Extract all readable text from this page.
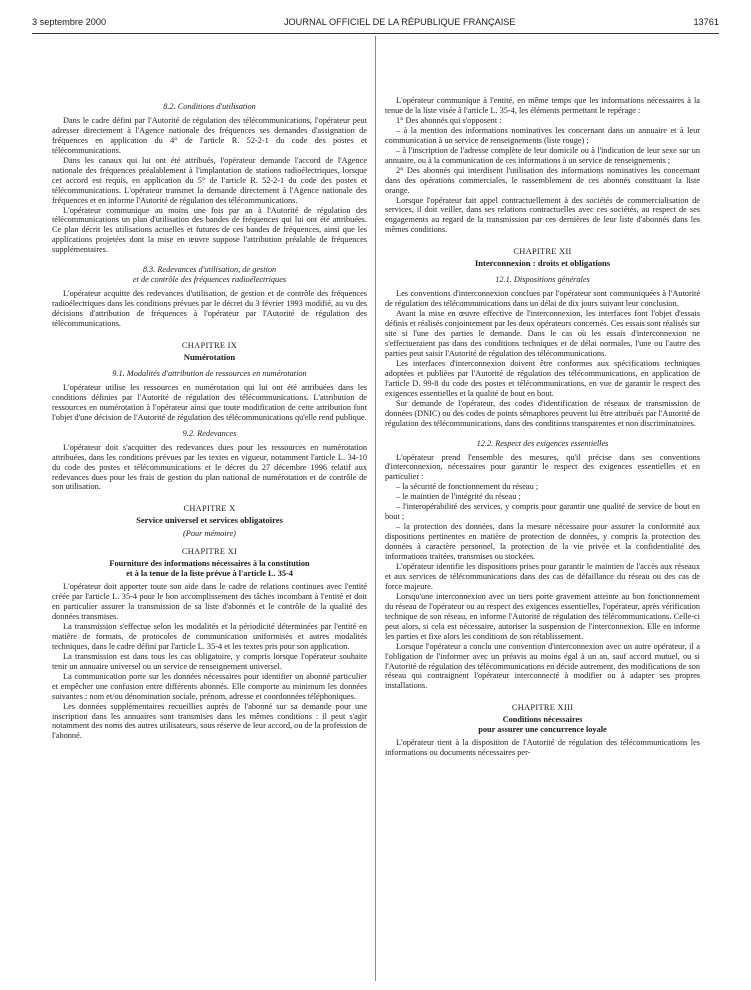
3 septembre 2000	JOURNAL OFFICIEL DE LA RÉPUBLIQUE FRANÇAISE	13761
8.2. Conditions d'utilisation

Dans le cadre défini par l'Autorité de régulation des télécommunications, l'opérateur peut adresser directement à l'Agence nationale des fréquences ses demandes d'assignation de fréquences en application du 4° de l'article R. 52-2-1 du code des postes et télécommunications.

Dans les canaux qui lui ont été attribués, l'opérateur demande l'accord de l'Agence nationale des fréquences préalablement à l'implantation de stations radioélectriques, lorsque cet accord est requis, en application du 5° de l'article R. 52-2-1 du code des postes et télécommunications. L'opérateur transmet la demande directement à l'Agence nationale des fréquences et en informe l'Autorité de régulation des télécommunications.

L'opérateur communique au moins une fois par an à l'Autorité de régulation des télécommunications un plan d'utilisation des bandes de fréquences qui lui ont été attribuées. Ce plan décrit les utilisations actuelles et futures de ces bandes de fréquences, ainsi que les applications projetées dont la mise en œuvre suppose l'attribution préalable de fréquences supplémentaires.

8.3. Redevances d'utilisation, de gestion
et de contrôle des fréquences radioélectriques

L'opérateur acquitte des redevances d'utilisation, de gestion et de contrôle des fréquences radioélectriques dans les conditions prévues par le décret du 3 février 1993 modifié, au vu des décisions d'attribution de fréquences à l'opérateur par l'Autorité de régulation des télécommunications.

CHAPITRE IX
Numérotation
9.1. Modalités d'attribution de ressources en numérotation

L'opérateur utilise les ressources en numérotation qui lui ont été attribuées dans les conditions définies par l'Autorité de régulation des télécommunications. L'attribution de ressources en numérotation à l'opérateur ainsi que toute modification de cette attribution font l'objet d'une décision de l'Autorité de régulation des télécommunications qu'elle rend publique.

9.2. Redevances

L'opérateur doit s'acquitter des redevances dues pour les ressources en numérotation attribuées, dans les conditions prévues par les textes en vigueur, notamment l'article L. 34-10 du code des postes et télécommunications et le décret du 27 décembre 1996 relatif aux redevances dues pour les frais de gestion du plan national de numérotation et de contrôle de son utilisation.

CHAPITRE X
Service universel et services obligatoires
(Pour mémoire)
CHAPITRE XI
Fourniture des informations nécessaires à la constitution
et à la tenue de la liste prévue à l'article L. 35-4

L'opérateur doit apporter toute son aide dans le cadre de relations continues avec l'entité créée par l'article L. 35-4 pour le bon accomplissement des tâches incombant à l'entité et doit en particulier assurer la transmission de sa liste d'abonnés et le contrôle de la qualité des données transmises.

La transmission s'effectue selon les modalités et la périodicité déterminées par l'entité en matière de formats, de protocoles de communication uniformisés et autres modalités techniques, dans le cadre défini par l'article L. 35-4 et les textes pris pour son application.

La transmission est dans tous les cas obligatoire, y compris lorsque l'opérateur souhaite tenir un annuaire universel ou un service de renseignement universel.

La communication porte sur les données nécessaires pour identifier un abonné particulier et empêcher une confusion entre différents abonnés. Elle comporte au minimum les données suivantes : nom et/ou dénomination sociale, prénom, adresse et coordonnées téléphoniques.

Les données supplémentaires recueillies auprès de l'abonné sur sa demande pour une inscription dans les annuaires sont transmises dans les mêmes conditions : il peut s'agir notamment des noms des autres utilisateurs, sous réserve de leur accord, ou de la profession de l'abonné.

L'opérateur communique à l'entité, en même temps que les informations nécessaires à la tenue de la liste visée à l'article L. 35-4, les éléments permettant le repérage :

1° Des abonnés qui s'opposent :

– à la mention des informations nominatives les concernant dans un annuaire et à leur communication à un service de renseignements (liste rouge) ;

– à l'inscription de l'adresse complète de leur domicile ou à l'indication de leur sexe sur un annuaire, ou à la communication de ces informations à un service de renseignements ;

2° Des abonnés qui interdisent l'utilisation des informations nominatives les concernant dans des opérations commerciales, le rassemblement de ces abonnés constituant la liste orange.

Lorsque l'opérateur fait appel contractuellement à des sociétés de commercialisation de services, il doit veiller, dans ses relations contractuelles avec ces sociétés, au respect de ses engagements au regard de la transmission par ces dernières de leur liste d'abonnés dans les mêmes conditions.

CHAPITRE XII
Interconnexion : droits et obligations
12.1. Dispositions générales

Les conventions d'interconnexion conclues par l'opérateur sont communiquées à l'Autorité de régulation des télécommunications dans un délai de dix jours suivant leur conclusion.

Avant la mise en œuvre effective de l'interconnexion, les interfaces font l'objet d'essais définis et réalisés conjointement par les deux opérateurs concernés. Ces essais sont réalisés sur site si l'une des parties le demande. Dans le cas où les essais d'interconnexion ne s'effectueraient pas dans des conditions techniques et de délai normales, l'une ou l'autre des parties peut saisir l'Autorité de régulation des télécommunications.

Les interfaces d'interconnexion doivent être conformes aux spécifications techniques adoptées et publiées par l'Autorité de régulation des télécommunications, en application de l'article D. 99-8 du code des postes et télécommunications, en vue de garantir le respect des exigences essentielles et la qualité de bout en bout.

Sur demande de l'opérateur, des codes d'identification de réseaux de transmission de données (DNIC) ou des codes de points sémaphores peuvent lui être attribués par l'Autorité de régulation des télécommunications, dans des conditions transparentes et non discriminatoires.

12.2. Respect des exigences essentielles

L'opérateur prend l'ensemble des mesures, qu'il précise dans ses conventions d'interconnexion, nécessaires pour garantir le respect des exigences essentielles et en particulier :

– la sécurité de fonctionnement du réseau ;

– le maintien de l'intégrité du réseau ;

– l'interopérabilité des services, y compris pour garantir une qualité de service de bout en bout ;

– la protection des données, dans la mesure nécessaire pour assurer la conformité aux dispositions pertinentes en matière de protection de données, y compris la protection des données à caractère personnel, la protection de la vie privée et la confidentialité des informations traitées, transmises ou stockées.

L'opérateur identifie les dispositions prises pour garantir le maintien de l'accès aux réseaux et aux services de télécommunications dans des cas de défaillance du réseau ou des cas de force majeure.

Lorsqu'une interconnexion avec un tiers porte gravement atteinte au bon fonctionnement du réseau de l'opérateur ou au respect des exigences essentielles, l'opérateur, après vérification technique de son réseau, en informe l'Autorité de régulation des télécommunications. Celle-ci peut alors, si cela est nécessaire, autoriser la suspension de l'interconnexion. Elle en informe les parties et fixe alors les conditions de son rétablissement.

Lorsque l'opérateur a conclu une convention d'interconnexion avec un autre opérateur, il a l'obligation de l'informer avec un préavis au moins égal à un an, sauf accord mutuel, ou si l'Autorité de régulation des télécommunications en décide autrement, des modifications de son réseau qui contraignent l'opérateur interconnecté à modifier ou à adapter ses propres installations.

CHAPITRE XIII
Conditions nécessaires
pour assurer une concurrence loyale

L'opérateur tient à la disposition de l'Autorité de régulation des télécommunications les informations ou documents nécessaires per-
